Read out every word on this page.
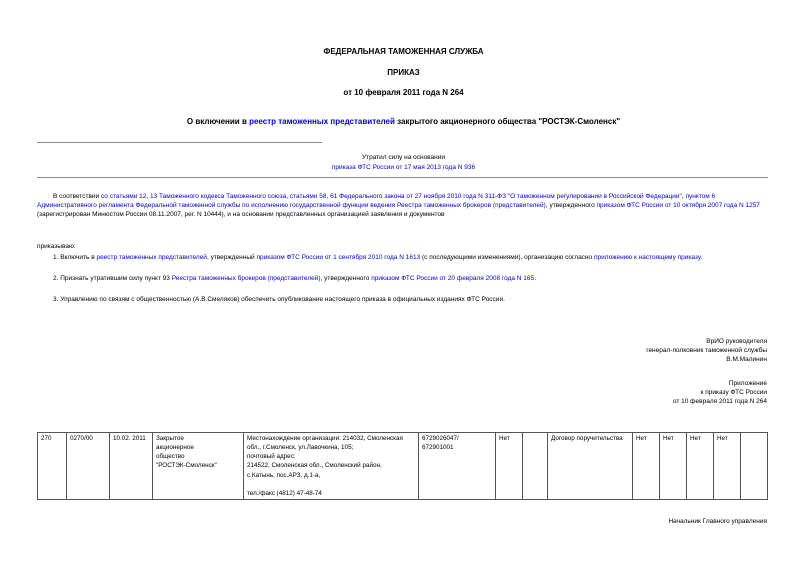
ФЕДЕРАЛЬНАЯ ТАМОЖЕННАЯ СЛУЖБА
ПРИКАЗ
от 10 февраля 2011 года N 264
О включении в реестр таможенных представителей закрытого акционерного общества "РОСТЭК-Смоленск"
Утратил силу на основании
приказа ФТС России от 17 мая 2013 года N 936
В соответствии со статьями 12, 13 Таможенного кодекса Таможенного союза, статьями 58, 61 Федерального закона от 27 ноября 2010 года N 311-ФЗ "О таможенном регулировании в Российской Федерации", пунктом 6 Административного регламента Федеральной таможенной службы по исполнению государственной функции ведения Реестра таможенных брокеров (представителей), утвержденного приказом ФТС России от 10 октября 2007 года N 1257 (зарегистрирован Минюстом России 08.11.2007, рег. N 10444), и на основании представленных организацией заявления и документов
приказываю:
1. Включить в реестр таможенных представителей, утвержденный приказом ФТС России от 1 сентября 2010 года N 1613 (с последующими изменениями), организацию согласно приложению к настоящему приказу.
2. Признать утратившим силу пункт 93 Реестра таможенных брокеров (представителей), утвержденного приказом ФТС России от 20 февраля 2008 года N 165.
3. Управлению по связям с общественностью (А.В.Смеляков) обеспечить опубликование настоящего приказа в официальных изданиях ФТС России.
ВрИО руководителя
генерал-полковник таможенной службы
В.М.Малинин
Приложение
к приказу ФТС России
от 10 февраля 2011 года N 264
270	0270/00	10.02. 2011	Закрытое
акционерное
общество
"РОСТЭК-Смоленск"	Местонахождение организации: 214032, Смоленская
обл., г.Смоленск, ул.Лавочкина, 105;
почтовый адрес:
214522, Смоленская обл., Смоленский район,
с.Катынь, пос.АРЗ, д.1-а,

тел./факс (4812) 47-48-74	6729026047/
672901001	Нет		Договор поручительства	Нет	Нет	Нет	Нет	
Начальник Главного управления
